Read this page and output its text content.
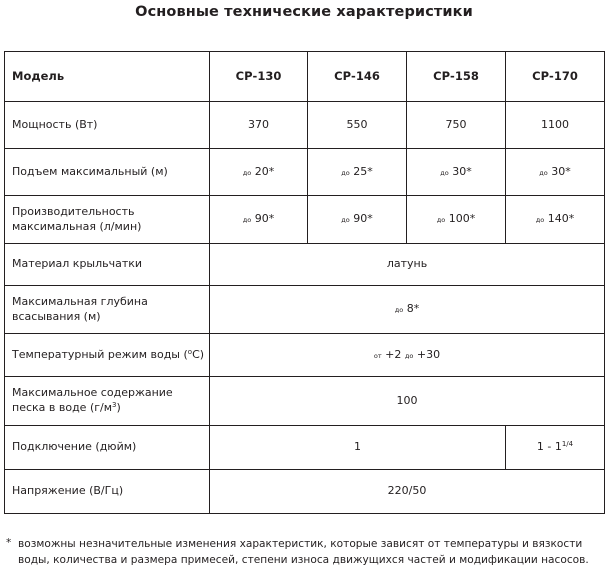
Основные технические характеристики
Модель	СР-130	СР-146	СР-158	СР-170
Мощность (Вт)	370	550	750	1100
Подъем максимальный (м)	до 20*	до 25*	до 30*	до 30*
Производительность
максимальная (л/мин)	до 90*	до 90*	до 100*	до 140*
Материал крыльчатки	латунь			
Максимальная глубина
всасывания (м)	до 8*			
Температурный режим воды ($^o$С)	от +2 до +30			
Максимальное содержание
песка в воде $(г/м^3)$	100			
Подключение (дюйм)	1			$1 - 1^{1/4}$
Напряжение (В/Гц)	220/50			
* возможны незначительные изменения характеристик, которые зависят от температуры и вязкости
воды, количества и размера примесей, степени износа движущихся частей и модификации насосов.
